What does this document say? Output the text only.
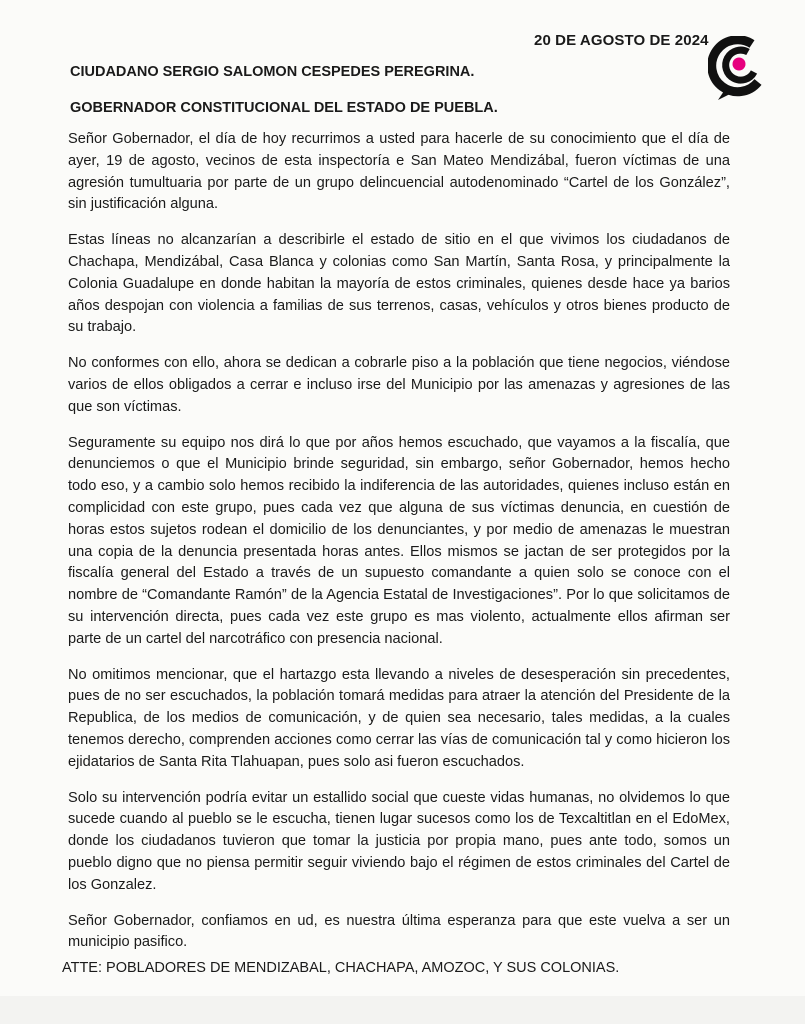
20 DE AGOSTO DE 2024
CIUDADANO SERGIO SALOMON CESPEDES PEREGRINA.
GOBERNADOR CONSTITUCIONAL DEL ESTADO DE PUEBLA.

Señor Gobernador, el día de hoy recurrimos a usted para hacerle de su conocimiento que el día de ayer, 19 de agosto, vecinos de esta inspectoría e San Mateo Mendizábal, fueron víctimas de una agresión tumultuaria por parte de un grupo delincuencial autodenominado “Cartel de los González”, sin justificación alguna.

Estas líneas no alcanzarían a describirle el estado de sitio en el que vivimos los ciudadanos de Chachapa, Mendizábal, Casa Blanca y colonias como San Martín, Santa Rosa, y principalmente la Colonia Guadalupe en donde habitan la mayoría de estos criminales, quienes desde hace ya barios años despojan con violencia a familias de sus terrenos, casas, vehículos y otros bienes producto de su trabajo.

No conformes con ello, ahora se dedican a cobrarle piso a la población que tiene negocios, viéndose varios de ellos obligados a cerrar e incluso irse del Municipio por las amenazas y agresiones de las que son víctimas.

Seguramente su equipo nos dirá lo que por años hemos escuchado, que vayamos a la fiscalía, que denunciemos o que el Municipio brinde seguridad, sin embargo, señor Gobernador, hemos hecho todo eso, y a cambio solo hemos recibido la indiferencia de las autoridades, quienes incluso están en complicidad con este grupo, pues cada vez que alguna de sus víctimas denuncia, en cuestión de horas estos sujetos rodean el domicilio de los denunciantes, y por medio de amenazas le muestran una copia de la denuncia presentada horas antes. Ellos mismos se jactan de ser protegidos por la fiscalía general del Estado a través de un supuesto comandante a quien solo se conoce con el nombre de “Comandante Ramón” de la Agencia Estatal de Investigaciones”. Por lo que solicitamos de su intervención directa, pues cada vez este grupo es mas violento, actualmente ellos afirman ser parte de un cartel del narcotráfico con presencia nacional.

No omitimos mencionar, que el hartazgo esta llevando a niveles de desesperación sin precedentes, pues de no ser escuchados, la población tomará medidas para atraer la atención del Presidente de la Republica, de los medios de comunicación, y de quien sea necesario, tales medidas, a la cuales tenemos derecho, comprenden acciones como cerrar las vías de comunicación tal y como hicieron los ejidatarios de Santa Rita Tlahuapan, pues solo asi fueron escuchados.

Solo su intervención podría evitar un estallido social que cueste vidas humanas, no olvidemos lo que sucede cuando al pueblo se le escucha, tienen lugar sucesos como los de Texcaltitlan en el EdoMex, donde los ciudadanos tuvieron que tomar la justicia por propia mano, pues ante todo, somos un pueblo digno que no piensa permitir seguir viviendo bajo el régimen de estos criminales del Cartel de los Gonzalez.

Señor Gobernador, confiamos en ud, es nuestra última esperanza para que este vuelva a ser un municipio pasifico.

ATTE: POBLADORES DE MENDIZABAL, CHACHAPA, AMOZOC, Y SUS COLONIAS.
